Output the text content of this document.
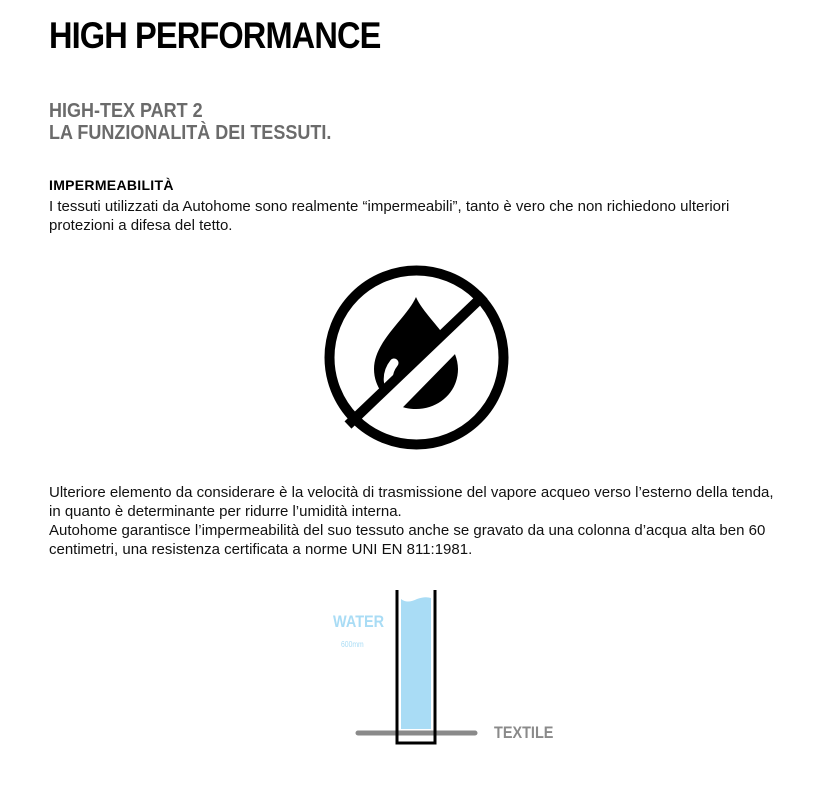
HIGH PERFORMANCE
HIGH-TEX PART 2
LA FUNZIONALITÀ DEI TESSUTI.
IMPERMEABILITÀ

I tessuti utilizzati da Autohome sono realmente “impermeabili”, tanto è vero che non richiedono ulteriori protezioni a difesa del tetto.

Ulteriore elemento da considerare è la velocità di trasmissione del vapore acqueo verso l’esterno della tenda, in quanto è determinante per ridurre l’umidità interna.
Autohome garantisce l’impermeabilità del suo tessuto anche se gravato da una colonna d’acqua alta ben 60 centimetri, una resistenza certificata a norme UNI EN 811:1981.

WATER
600mm
TEXTILE
